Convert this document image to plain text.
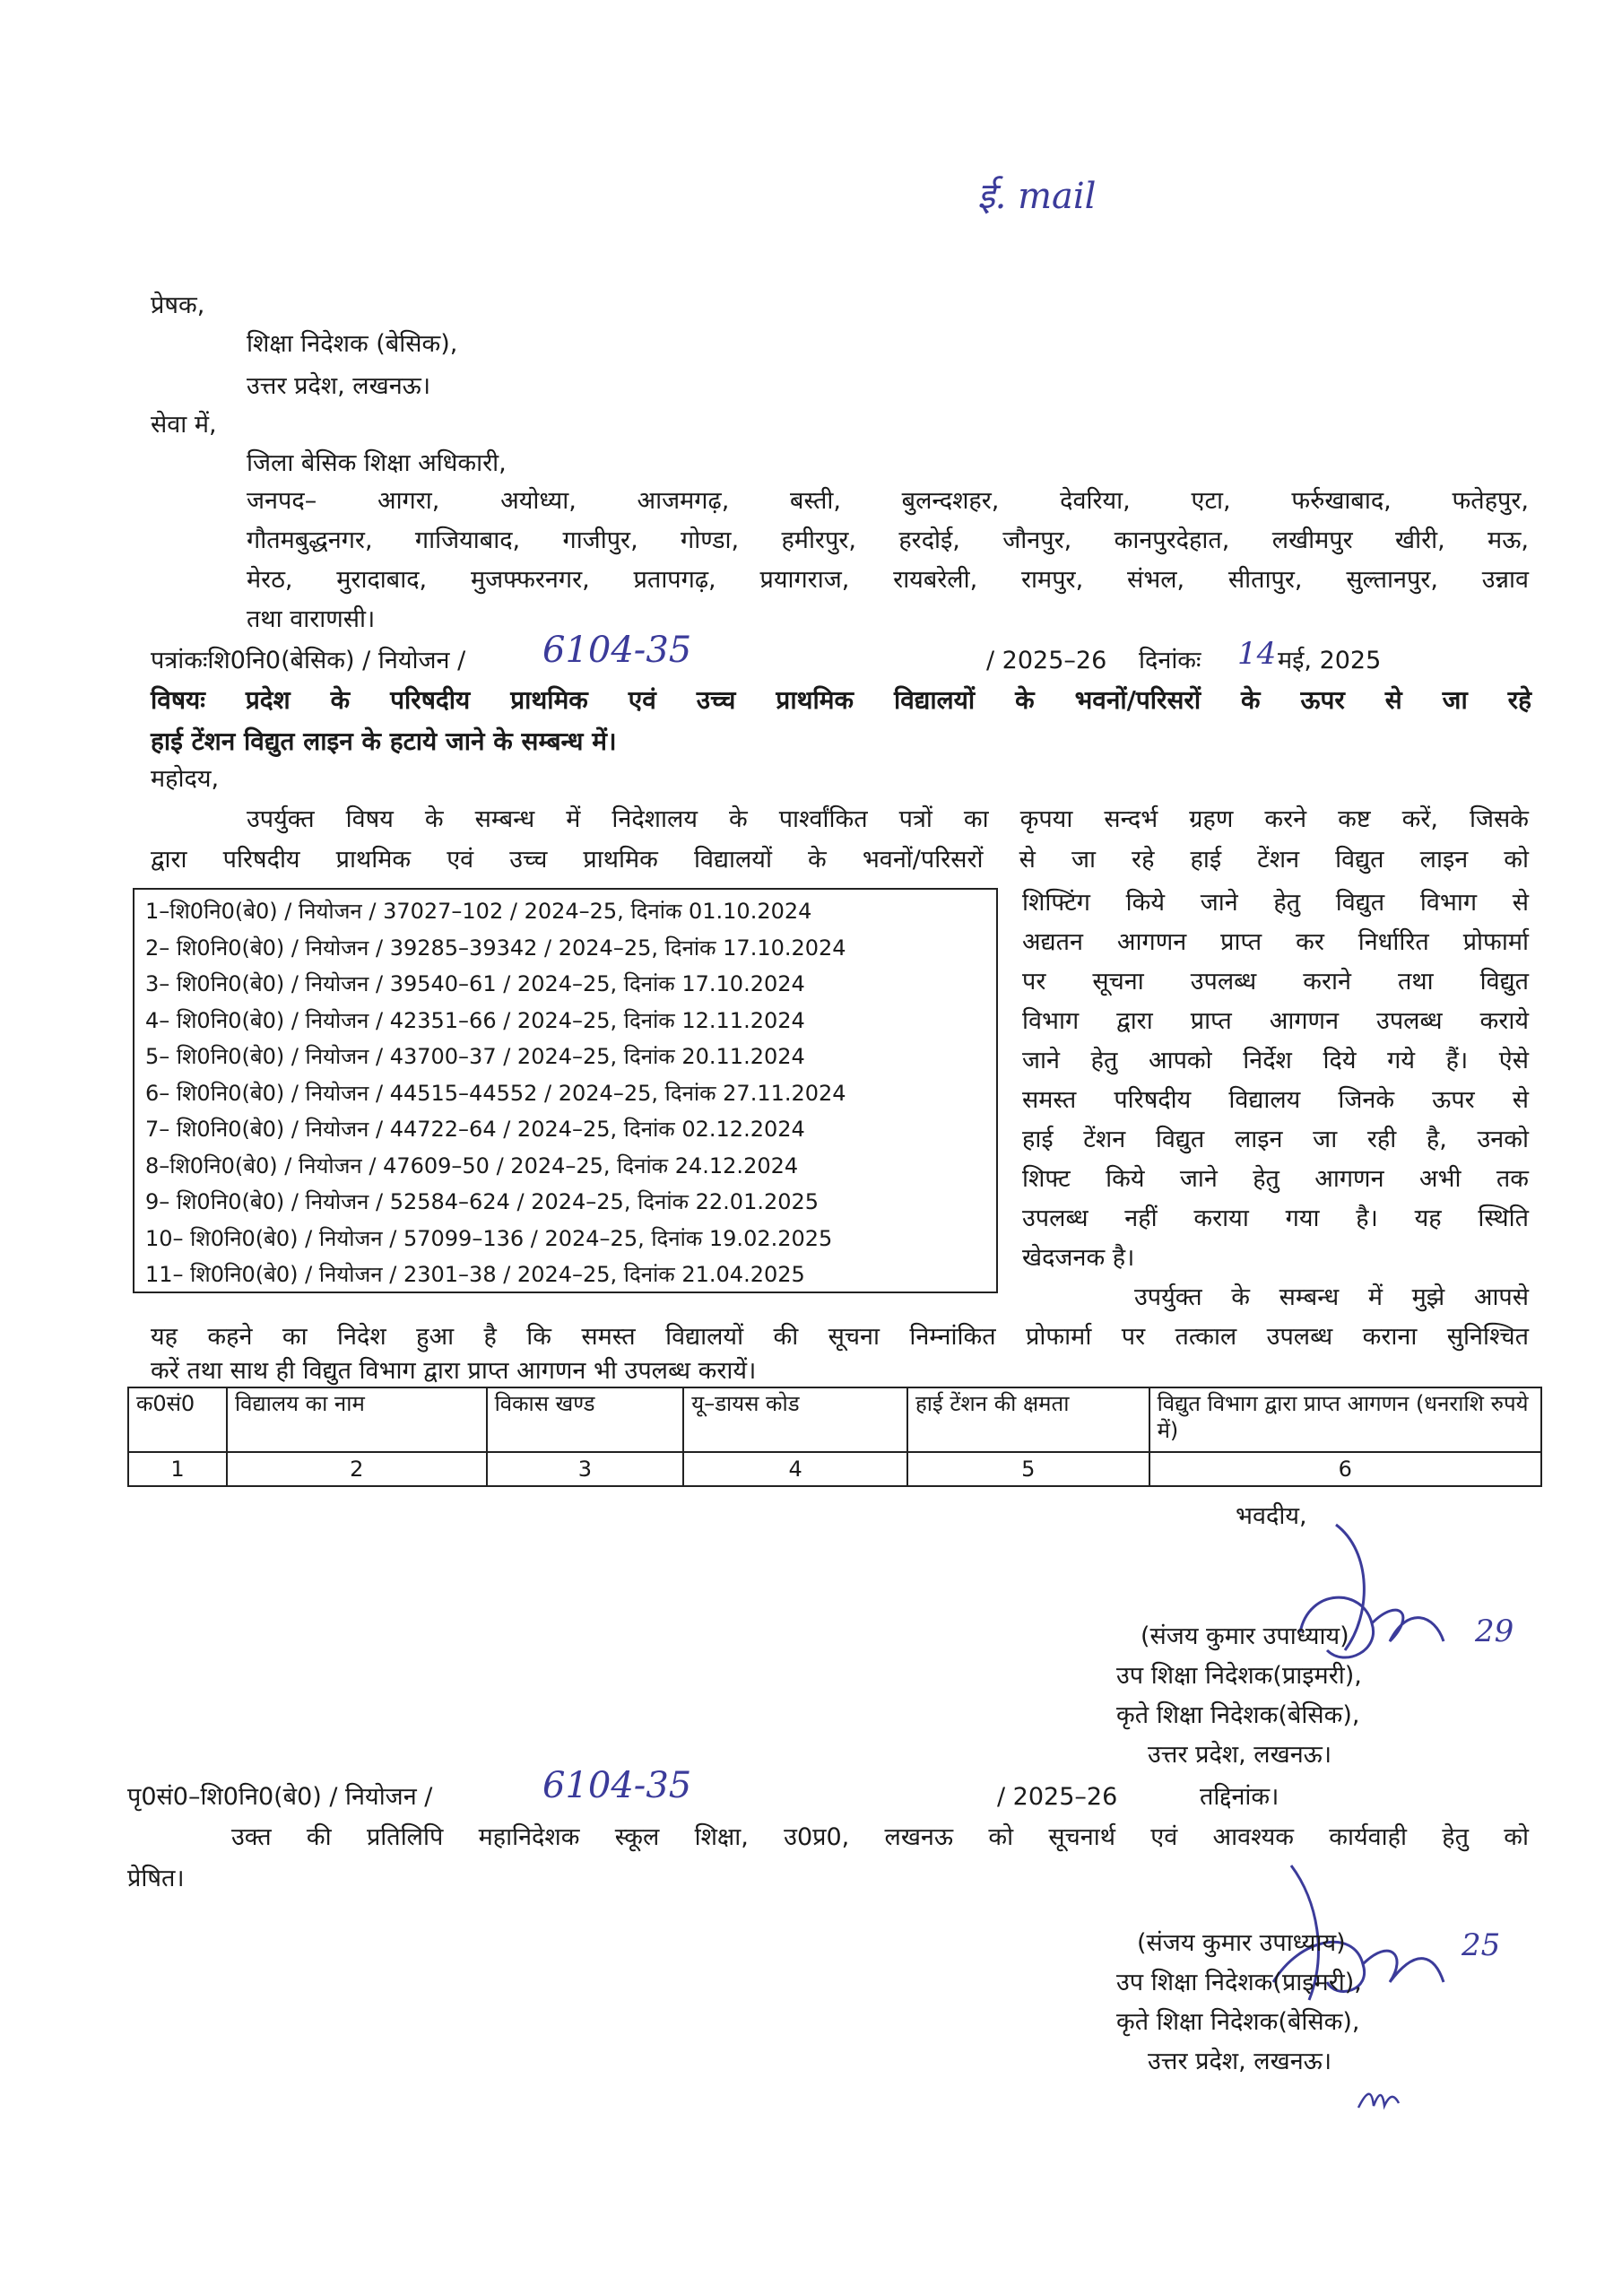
ई. mail
प्रेषक,
शिक्षा निदेशक (बेसिक),
उत्तर प्रदेश, लखनऊ।
सेवा में,
जिला बेसिक शिक्षा अधिकारी,
जनपद– आगरा, अयोध्या, आजमगढ़, बस्ती, बुलन्दशहर, देवरिया, एटा, फर्रुखाबाद, फतेहपुर,
गौतमबुद्धनगर, गाजियाबाद, गाजीपुर, गोण्डा, हमीरपुर, हरदोई, जौनपुर, कानपुरदेहात, लखीमपुर खीरी, मऊ,
मेरठ, मुरादाबाद, मुजफ्फरनगर, प्रतापगढ़, प्रयागराज, रायबरेली, रामपुर, संभल, सीतापुर, सुल्तानपुर, उन्नाव
तथा वाराणसी।
पत्रांकःशि0नि0(बेसिक) / नियोजन / 6104-35	/ 2025–26 दिनांकः 14 मई, 2025
विषयः प्रदेश के परिषदीय प्राथमिक एवं उच्च प्राथमिक विद्यालयों के भवनों/परिसरों के ऊपर से जा रहे
हाई टेंशन विद्युत लाइन के हटाये जाने के सम्बन्ध में।
महोदय,
उपर्युक्त विषय के सम्बन्ध में निदेशालय के पार्श्वांकित पत्रों का कृपया सन्दर्भ ग्रहण करने कष्ट करें, जिसके
द्वारा परिषदीय प्राथमिक एवं उच्च प्राथमिक विद्यालयों के भवनों/परिसरों से जा रहे हाई टेंशन विद्युत लाइन को
1–शि0नि0(बे0) / नियोजन / 37027–102 / 2024–25, दिनांक 01.10.2024
2– शि0नि0(बे0) / नियोजन / 39285–39342 / 2024–25, दिनांक 17.10.2024
3– शि0नि0(बे0) / नियोजन / 39540–61 / 2024–25, दिनांक 17.10.2024
4– शि0नि0(बे0) / नियोजन / 42351–66 / 2024–25, दिनांक 12.11.2024
5– शि0नि0(बे0) / नियोजन / 43700–37 / 2024–25, दिनांक 20.11.2024
6– शि0नि0(बे0) / नियोजन / 44515–44552 / 2024–25, दिनांक 27.11.2024
7– शि0नि0(बे0) / नियोजन / 44722–64 / 2024–25, दिनांक 02.12.2024
8–शि0नि0(बे0) / नियोजन / 47609–50 / 2024–25, दिनांक 24.12.2024
9– शि0नि0(बे0) / नियोजन / 52584–624 / 2024–25, दिनांक 22.01.2025
10– शि0नि0(बे0) / नियोजन / 57099–136 / 2024–25, दिनांक 19.02.2025
11– शि0नि0(बे0) / नियोजन / 2301–38 / 2024–25, दिनांक 21.04.2025
शिफ्टिंग किये जाने हेतु विद्युत विभाग से
अद्यतन आगणन प्राप्त कर निर्धारित प्रोफार्मा
पर सूचना उपलब्ध कराने तथा विद्युत
विभाग द्वारा प्राप्त आगणन उपलब्ध कराये
जाने हेतु आपको निर्देश दिये गये हैं। ऐसे
समस्त परिषदीय विद्यालय जिनके ऊपर से
हाई टेंशन विद्युत लाइन जा रही है, उनको
शिफ्ट किये जाने हेतु आगणन अभी तक
उपलब्ध नहीं कराया गया है। यह स्थिति
खेदजनक है।
उपर्युक्त के सम्बन्ध में मुझे आपसे
यह कहने का निदेश हुआ है कि समस्त विद्यालयों की सूचना निम्नांकित प्रोफार्मा पर तत्काल उपलब्ध कराना सुनिश्चित
करें तथा साथ ही विद्युत विभाग द्वारा प्राप्त आगणन भी उपलब्ध करायें।
क0सं0	विद्यालय का नाम	विकास खण्ड	यू–डायस कोड	हाई टेंशन की क्षमता	विद्युत विभाग द्वारा प्राप्त आगणन (धनराशि रुपये में)
1	2	3	4	5	6
भवदीय,
29
(संजय कुमार उपाध्याय)
उप शिक्षा निदेशक(प्राइमरी),
कृते शिक्षा निदेशक(बेसिक),
उत्तर प्रदेश, लखनऊ।
पृ0सं0–शि0नि0(बे0) / नियोजन /	6104-35	/ 2025–26	तद्दिनांक।
उक्त की प्रतिलिपि महानिदेशक स्कूल शिक्षा, उ0प्र0, लखनऊ को सूचनार्थ एवं आवश्यक कार्यवाही हेतु को
प्रेषित।
25
(संजय कुमार उपाध्याय)
उप शिक्षा निदेशक(प्राइमरी),
कृते शिक्षा निदेशक(बेसिक),
उत्तर प्रदेश, लखनऊ।
